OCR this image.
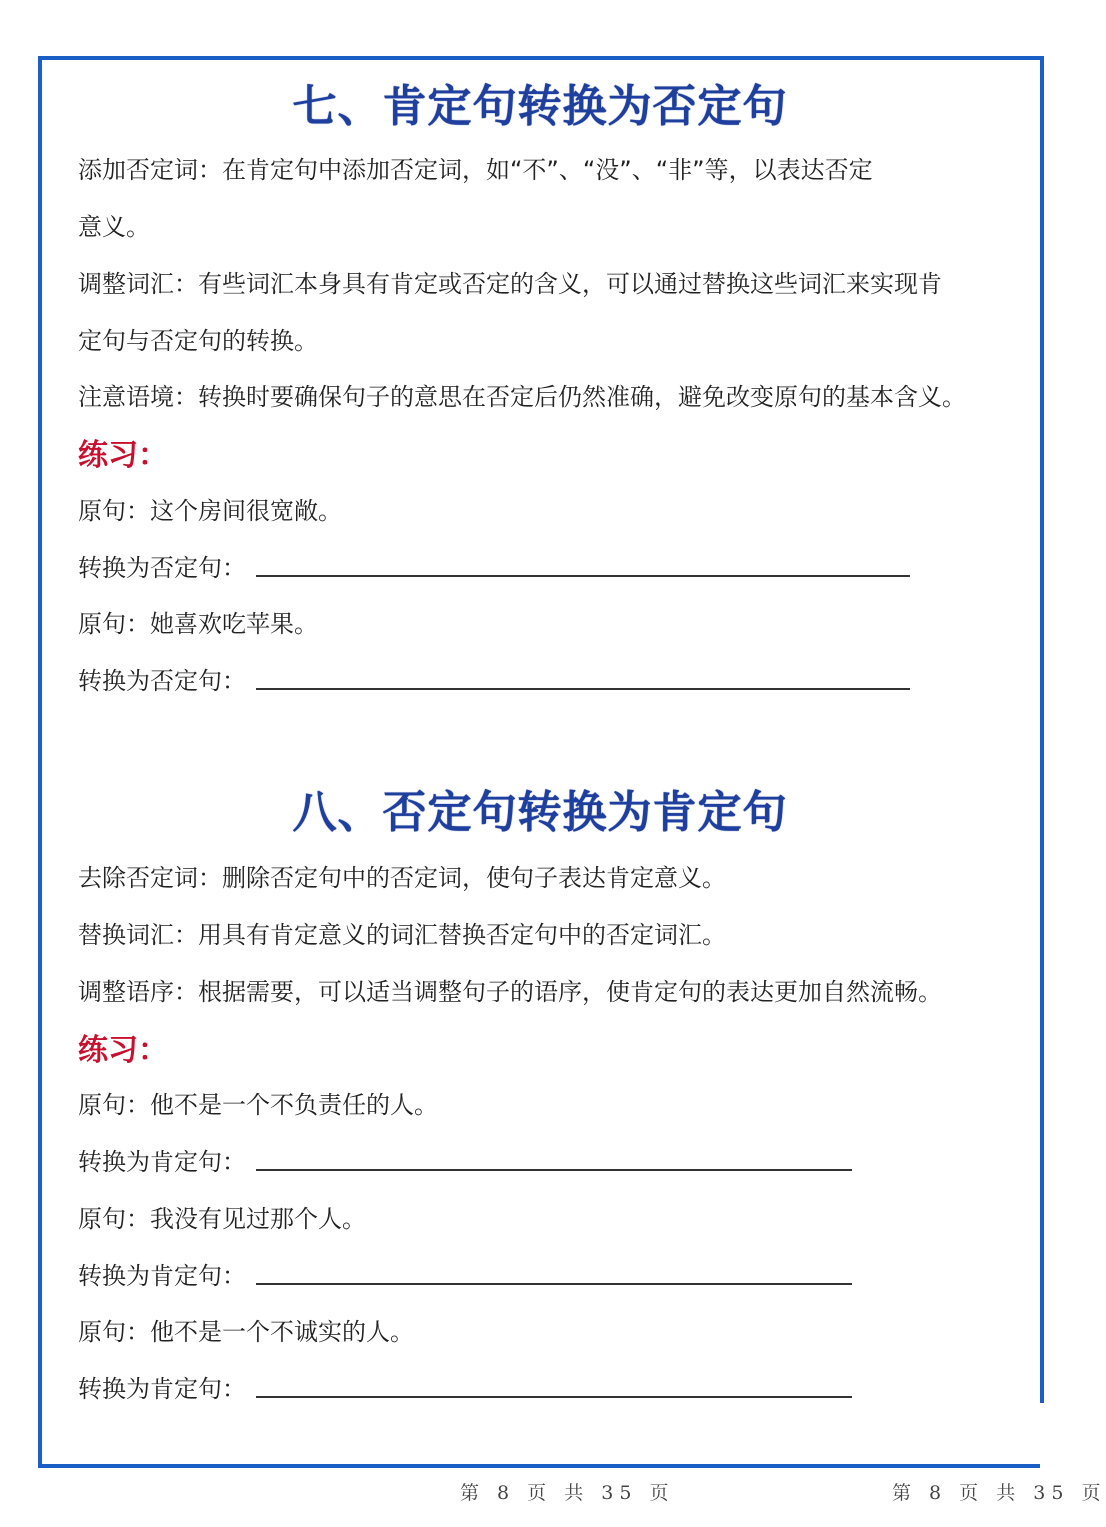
七、肯定句转换为否定句
添加否定词：在肯定句中添加否定词，如“不”、“没”、“非”等，以表达否定
意义。
调整词汇：有些词汇本身具有肯定或否定的含义，可以通过替换这些词汇来实现肯
定句与否定句的转换。
注意语境：转换时要确保句子的意思在否定后仍然准确，避免改变原句的基本含义。
练习：
原句：这个房间很宽敞。
转换为否定句：
原句：她喜欢吃苹果。
转换为否定句：
八、否定句转换为肯定句
去除否定词：删除否定句中的否定词，使句子表达肯定意义。
替换词汇：用具有肯定意义的词汇替换否定句中的否定词汇。
调整语序：根据需要，可以适当调整句子的语序，使肯定句的表达更加自然流畅。
练习：
原句：他不是一个不负责任的人。
转换为肯定句：
原句：我没有见过那个人。
转换为肯定句：
原句：他不是一个不诚实的人。
转换为肯定句：
第 8 页 共 35 页	第 8 页 共 35 页
